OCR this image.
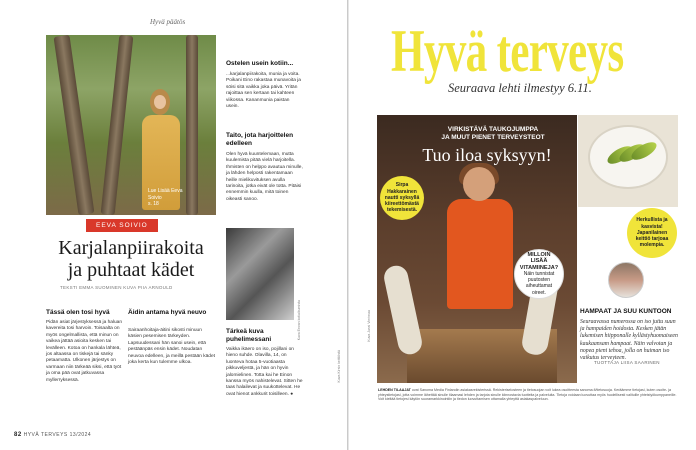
Hyvä päätös
Lue Lisää Eeva Soivio
s. 18
EEVA SOIVIO
Karjalanpiirakoita
ja puhtaat kädet
TEKSTI EMMA SUOMINEN KUVA PIIA ARNOULD
Tässä olen tosi hyvä
Pidän asiat järjestyksessä ja haluan kavereita tosi harvoin. Toisaalta on myös ongelmallista, että minun on vaikea jättää asioita kesken tai levälleen. Kotoa on hankala lähteä, jos altaassa on tiskejä tai sänky petaamatta. Ulkonen järjestys on varmaan niin tärkeää siksi, että työt ja oma pää ovat jatkuvassa myllerryksessä.
Äidin antama hyvä neuvo
Sairaanhoitaja-äitini sikosti minuun käsien pesemisen tärkeyden. Lapsuudessani hän sanoi usein, että pestäänpäs ensin kädet. Noudatan neuvoa edelleen, ja meillä pestään kädet joka kerta kun tulemme ulkoa.
Ostelen usein kotiin...
...karjalanpiirakoita, munia ja voita. Poikani Eino rakastaa munavoita ja söisi sitä vaikka joka päivä. Yritän rajoittaa sen kertaan tai kahteen viikossa. Kananmunia paistan usein.
Taito, jota harjoittelen edelleen
Olen hyvä kuuntelemaan, mutta kuulemista pitää vielä harjoitella. Ihmisten on helppo avautua minulle, ja lähden helposti rakentamaan heille mielikuvituksen avulla tarinoita, jotka eivät ole totta. Pitäisi ennemmin kuulla, mitä toinen oikeasti sanoo.
Kuva Eevan kotialbumista
Tärkeä kuva puhelimessani
Vaikka ikäero on iso, pojillani on hieno suhde. Olavilla, 14, on luonteva hotaa 5-vuotiaasta pikkuveljestä, ja hän on hyvin jalomielinen. Totta kai he Einon kanssa myös nahistelevat. Sitten he taas halailevat ja suukottelevat. He ovat hienot ankkurit toisilleen. ●
82 HYVÄ TERVEYS 13/2024
Hyvä terveys
Seuraava lehti ilmestyy 6.11.
VIRKISTÄVÄ TAUKOJUMPPA
JA MUUT PIENET TERVEYSTEOT
Tuo iloa syksyyn!
Sirpa Hakkarainen nautti syksyllä kiireettömästä tekemisestä.
MILLOIN
LISÄÄ
VITAMIINEJA?
Näin tunnistat puutosten aiheuttamat oireet.
Herkullista ja kasvista! Japanilainen keittiö tarjoaa molempia.
HAMPAAT JA SUU KUNTOON
Seuraavassa numerossa on iso juttu suun ja hampaiden hoidosta. Kesken jätän lukemisen hiipponalle kyllästyhuomaiseen kaukaansam hampaat. Näin valvotan ja nopea pieni tehoa, jolla on huiman iso vaikutus terveyteen.
TUOTTAJA LIISA SAARINEN
Kuva Jussi Vierimaa
Kuva Kirsin keittiöstä
LEHDEN TILAAJAT ovat Sanoma Media Finlandin asiakasrekisterissä. Rekisteriselosteen ja tietosuojan voit lukea osoitteesta sanoma.fi/tietosuoja. Keräämme tietojasi, kuten osoite- ja yhteystietojasi, jotta voimme lähettää sinulle tilaamasi lehden ja tarjota sinulle kiinnostavia tuotteita ja palveluita. Tietoja voidaan luovuttaa myös huolellisesti valituille yhteistyökumppaneille. Voit kieltää tietojesi käytön suoramarkkinointiin ja tiedon luovuttamisen ottamalla yhteyttä asiakaspalveluun.
